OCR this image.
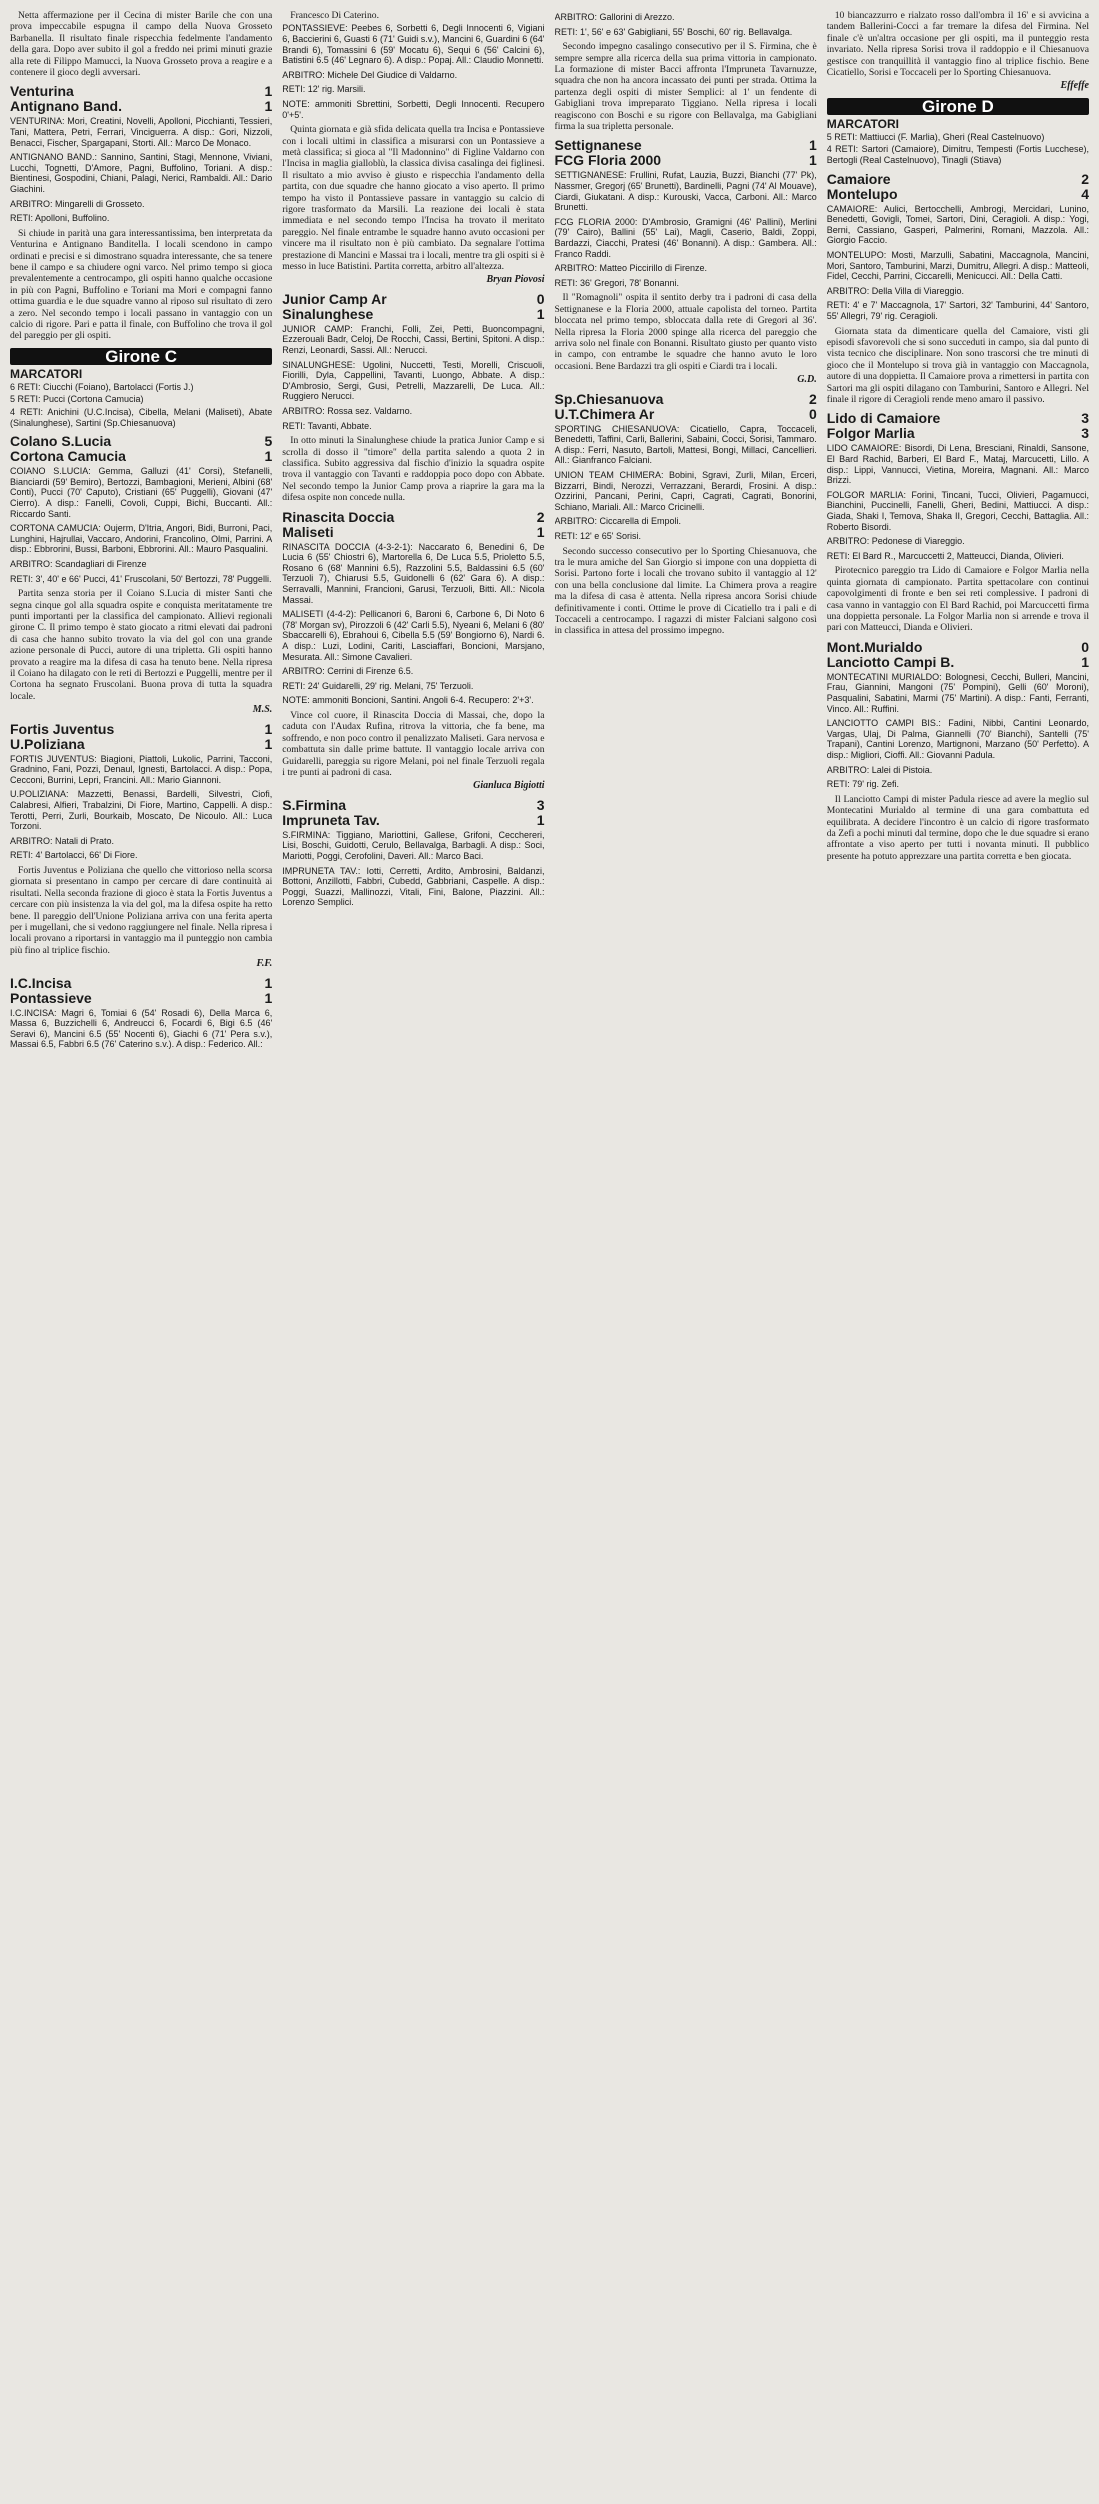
Netta affermazione per il Cecina di mister Barile che con una prova impeccabile espugna il campo della Nuova Grosseto Barbanella. Il risultato finale rispecchia fedelmente l'andamento della gara. Dopo aver subito il gol a freddo nei primi minuti grazie alla rete di Filippo Mamucci, la Nuova Grosseto prova a reagire e a contenere il gioco degli avversari.

Venturina	1
Antignano Band.	1
VENTURINA: Mori, Creatini, Novelli, Apolloni, Picchianti, Tessieri, Tani, Mattera, Petri, Ferrari, Vinciguerra. A disp.: Gori, Nizzoli, Benacci, Fischer, Spargapani, Storti. All.: Marco De Monaco.
ANTIGNANO BAND.: Sannino, Santini, Stagi, Mennone, Viviani, Lucchi, Tognetti, D'Amore, Pagni, Buffolino, Toriani. A disp.: Bientinesi, Gospodini, Chiani, Palagi, Nerici, Rambaldi. All.: Dario Giachini.
ARBITRO: Mingarelli di Grosseto.
RETI: Apolloni, Buffolino.

Si chiude in parità una gara interessantissima, ben interpretata da Venturina e Antignano Banditella. I locali scendono in campo ordinati e precisi e si dimostrano squadra interessante, che sa tenere bene il campo e sa chiudere ogni varco. Nel primo tempo si gioca prevalentemente a centrocampo, gli ospiti hanno qualche occasione in più con Pagni, Buffolino e Toriani ma Mori e compagni fanno ottima guardia e le due squadre vanno al riposo sul risultato di zero a zero. Nel secondo tempo i locali passano in vantaggio con un calcio di rigore. Pari e patta il finale, con Buffolino che trova il gol del pareggio per gli ospiti.

Girone C
MARCATORI
6 RETI: Ciucchi (Foiano), Bartolacci (Fortis J.)
5 RETI: Pucci (Cortona Camucia)
4 RETI: Anichini (U.C.Incisa), Cibella, Melani (Maliseti), Abate (Sinalunghese), Sartini (Sp.Chiesanuova)
Colano S.Lucia	5
Cortona Camucia	1
COIANO S.LUCIA: Gemma, Galluzi (41' Corsi), Stefanelli, Bianciardi (59' Bemiro), Bertozzi, Bambagioni, Merieni, Albini (68' Conti), Pucci (70' Caputo), Cristiani (65' Puggelli), Giovani (47' Cierro). A disp.: Fanelli, Covoli, Cuppi, Bichi, Buccanti. All.: Riccardo Santi.
CORTONA CAMUCIA: Oujerm, D'Itria, Angori, Bidi, Burroni, Paci, Lunghini, Hajrullai, Vaccaro, Andorini, Francolino, Olmi, Parrini. A disp.: Ebbrorini, Bussi, Barboni, Ebbrorini. All.: Mauro Pasqualini.
ARBITRO: Scandagliari di Firenze
RETI: 3', 40' e 66' Pucci, 41' Fruscolani, 50' Bertozzi, 78' Puggelli.

Partita senza storia per il Coiano S.Lucia di mister Santi che segna cinque gol alla squadra ospite e conquista meritatamente tre punti importanti per la classifica del campionato. Allievi regionali girone C. Il primo tempo è stato giocato a ritmi elevati dai padroni di casa che hanno subito trovato la via del gol con una grande azione personale di Pucci, autore di una tripletta. Gli ospiti hanno provato a reagire ma la difesa di casa ha tenuto bene. Nella ripresa il Coiano ha dilagato con le reti di Bertozzi e Puggelli, mentre per il Cortona ha segnato Fruscolani. Buona prova di tutta la squadra locale.

M.S.
Fortis Juventus	1
U.Poliziana	1
FORTIS JUVENTUS: Biagioni, Piattoli, Lukolic, Parrini, Tacconi, Gradnino, Fani, Pozzi, Denaul, Ignesti, Bartolacci. A disp.: Popa, Cecconi, Burrini, Lepri, Francini. All.: Mario Giannoni.
U.POLIZIANA: Mazzetti, Benassi, Bardelli, Silvestri, Ciofi, Calabresi, Alfieri, Trabalzini, Di Fiore, Martino, Cappelli. A disp.: Terotti, Perri, Zurli, Bourkaib, Moscato, De Nicoulo. All.: Luca Torzoni.
ARBITRO: Natali di Prato.
RETI: 4' Bartolacci, 66' Di Fiore.

Fortis Juventus e Poliziana che quello che vittorioso nella scorsa giornata si presentano in campo per cercare di dare continuità ai risultati. Nella seconda frazione di gioco è stata la Fortis Juventus a cercare con più insistenza la via del gol, ma la difesa ospite ha retto bene. Il pareggio dell'Unione Poliziana arriva con una ferita aperta per i mugellani, che si vedono raggiungere nel finale. Nella ripresa i locali provano a riportarsi in vantaggio ma il punteggio non cambia più fino al triplice fischio.

F.F.
I.C.Incisa	1
Pontassieve	1
I.C.INCISA: Magri 6, Tomiai 6 (54' Rosadi 6), Della Marca 6, Massa 6, Buzzichelli 6, Andreucci 6, Focardi 6, Bigi 6.5 (46' Seravi 6), Mancini 6.5 (55' Nocenti 6), Giachi 6 (71' Pera s.v.), Massai 6.5, Fabbri 6.5 (76' Caterino s.v.). A disp.: Federico. All.:

Francesco Di Caterino.

PONTASSIEVE: Peebes 6, Sorbetti 6, Degli Innocenti 6, Vigiani 6, Baccierini 6, Guasti 6 (71' Guidi s.v.), Mancini 6, Guardini 6 (64' Brandi 6), Tomassini 6 (59' Mocatu 6), Sequi 6 (56' Calcini 6), Batistini 6.5 (46' Legnaro 6). A disp.: Popaj. All.: Claudio Monnetti.
ARBITRO: Michele Del Giudice di Valdarno.
RETI: 12' rig. Marsili.
NOTE: ammoniti Sbrettini, Sorbetti, Degli Innocenti. Recupero 0'+5'.

Quinta giornata e già sfida delicata quella tra Incisa e Pontassieve con i locali ultimi in classifica a misurarsi con un Pontassieve a metà classifica; si gioca al "Il Madonnino" di Figline Valdarno con l'Incisa in maglia gialloblù, la classica divisa casalinga dei figlinesi. Il risultato a mio avviso è giusto e rispecchia l'andamento della partita, con due squadre che hanno giocato a viso aperto. Il primo tempo ha visto il Pontassieve passare in vantaggio su calcio di rigore trasformato da Marsili. La reazione dei locali è stata immediata e nel secondo tempo l'Incisa ha trovato il meritato pareggio. Nel finale entrambe le squadre hanno avuto occasioni per vincere ma il risultato non è più cambiato. Da segnalare l'ottima prestazione di Mancini e Massai tra i locali, mentre tra gli ospiti si è messo in luce Batistini. Partita corretta, arbitro all'altezza.

Bryan Piovosi
Junior Camp Ar	0
Sinalunghese	1
JUNIOR CAMP: Franchi, Folli, Zei, Petti, Buoncompagni, Ezzerouali Badr, Celoj, De Rocchi, Cassi, Bertini, Spitoni. A disp.: Renzi, Leonardi, Sassi. All.: Nerucci.
SINALUNGHESE: Ugolini, Nuccetti, Testi, Morelli, Criscuoli, Fiorilli, Dyla, Cappellini, Tavanti, Luongo, Abbate. A disp.: D'Ambrosio, Sergi, Gusi, Petrelli, Mazzarelli, De Luca. All.: Ruggiero Nerucci.
ARBITRO: Rossa sez. Valdarno.
RETI: Tavanti, Abbate.

In otto minuti la Sinalunghese chiude la pratica Junior Camp e si scrolla di dosso il "timore" della partita salendo a quota 2 in classifica. Subito aggressiva dal fischio d'inizio la squadra ospite trova il vantaggio con Tavanti e raddoppia poco dopo con Abbate. Nel secondo tempo la Junior Camp prova a riaprire la gara ma la difesa ospite non concede nulla.

Rinascita Doccia	2
Maliseti	1
RINASCITA DOCCIA (4-3-2-1): Naccarato 6, Benedini 6, De Lucia 6 (55' Chiostri 6), Martorella 6, De Luca 5.5, Prioletto 5.5, Rosano 6 (68' Mannini 6.5), Razzolini 5.5, Baldassini 6.5 (60' Terzuoli 7), Chiarusi 5.5, Guidonelli 6 (62' Gara 6). A disp.: Serravalli, Mannini, Francioni, Garusi, Terzuoli, Bitti. All.: Nicola Massai.
MALISETI (4-4-2): Pellicanori 6, Baroni 6, Carbone 6, Di Noto 6 (78' Morgan sv), Pirozzoli 6 (42' Carli 5.5), Nyeani 6, Melani 6 (80' Sbaccarelli 6), Ebrahoui 6, Cibella 5.5 (59' Bongiorno 6), Nardi 6. A disp.: Luzi, Lodini, Cariti, Lasciaffari, Boncioni, Marsjano, Mesurata. All.: Simone Cavalieri.
ARBITRO: Cerrini di Firenze 6.5.
RETI: 24' Guidarelli, 29' rig. Melani, 75' Terzuoli.
NOTE: ammoniti Boncioni, Santini. Angoli 6-4. Recupero: 2'+3'.

Vince col cuore, il Rinascita Doccia di Massai, che, dopo la caduta con l'Audax Rufina, ritrova la vittoria, che fa bene, ma soffrendo, e non poco contro il penalizzato Maliseti. Gara nervosa e combattuta sin dalle prime battute. Il vantaggio locale arriva con Guidarelli, pareggia su rigore Melani, poi nel finale Terzuoli regala i tre punti ai padroni di casa.

Gianluca Bigiotti
S.Firmina	3
Impruneta Tav.	1
S.FIRMINA: Tiggiano, Mariottini, Gallese, Grifoni, Cecchereri, Lisi, Boschi, Guidotti, Cerulo, Bellavalga, Barbagli. A disp.: Soci, Mariotti, Poggi, Cerofolini, Daveri. All.: Marco Baci.
IMPRUNETA TAV.: Iotti, Cerretti, Ardito, Ambrosini, Baldanzi, Bottoni, Anzillotti, Fabbri, Cubedd, Gabbriani, Caspelle. A disp.: Poggi, Suazzi, Mallinozzi, Vitali, Fini, Balone, Piazzini. All.: Lorenzo Semplici.
ARBITRO: Gallorini di Arezzo.
RETI: 1', 56' e 63' Gabigliani, 55' Boschi, 60' rig. Bellavalga.

Secondo impegno casalingo consecutivo per il S. Firmina, che è sempre sempre alla ricerca della sua prima vittoria in campionato. La formazione di mister Bacci affronta l'Impruneta Tavarnuzze, squadra che non ha ancora incassato dei punti per strada. Ottima la partenza degli ospiti di mister Semplici: al 1' un fendente di Gabigliani trova impreparato Tiggiano. Nella ripresa i locali reagiscono con Boschi e su rigore con Bellavalga, ma Gabigliani firma la sua tripletta personale.

Settignanese	1
FCG Floria 2000	1
SETTIGNANESE: Frullini, Rufat, Lauzia, Buzzi, Bianchi (77' Pk), Nassmer, Gregorj (65' Brunetti), Bardinelli, Pagni (74' Al Mouave), Ciardi, Giukatani. A disp.: Kurouski, Vacca, Carboni. All.: Marco Brunetti.
FCG FLORIA 2000: D'Ambrosio, Gramigni (46' Pallini), Merlini (79' Cairo), Ballini (55' Lai), Magli, Caserio, Baldi, Zoppi, Bardazzi, Ciacchi, Pratesi (46' Bonanni). A disp.: Gambera. All.: Franco Raddi.
ARBITRO: Matteo Piccirillo di Firenze.
RETI: 36' Gregori, 78' Bonanni.

Il "Romagnoli" ospita il sentito derby tra i padroni di casa della Settignanese e la Floria 2000, attuale capolista del torneo. Partita bloccata nel primo tempo, sbloccata dalla rete di Gregori al 36'. Nella ripresa la Floria 2000 spinge alla ricerca del pareggio che arriva solo nel finale con Bonanni. Risultato giusto per quanto visto in campo, con entrambe le squadre che hanno avuto le loro occasioni. Bene Bardazzi tra gli ospiti e Ciardi tra i locali.

G.D.
Sp.Chiesanuova	2
U.T.Chimera Ar	0
SPORTING CHIESANUOVA: Cicatiello, Capra, Toccaceli, Benedetti, Taffini, Carli, Ballerini, Sabaini, Cocci, Sorisi, Tammaro. A disp.: Ferri, Nasuto, Bartoli, Mattesi, Bongi, Millaci, Cancellieri. All.: Gianfranco Falciani.
UNION TEAM CHIMERA: Bobini, Sgravi, Zurli, Milan, Erceri, Bizzarri, Bindi, Nerozzi, Verrazzani, Berardi, Frosini. A disp.: Ozzirini, Pancani, Perini, Capri, Cagrati, Cagrati, Bonorini, Schiano, Mariali. All.: Marco Cricinelli.
ARBITRO: Ciccarella di Empoli.
RETI: 12' e 65' Sorisi.

Secondo successo consecutivo per lo Sporting Chiesanuova, che tra le mura amiche del San Giorgio si impone con una doppietta di Sorisi. Partono forte i locali che trovano subito il vantaggio al 12' con una bella conclusione dal limite. La Chimera prova a reagire ma la difesa di casa è attenta. Nella ripresa ancora Sorisi chiude definitivamente i conti. Ottime le prove di Cicatiello tra i pali e di Toccaceli a centrocampo. I ragazzi di mister Falciani salgono così in classifica in attesa del prossimo impegno.

10 biancazzurro e rialzato rosso dall'ombra il 16' e si avvicina a tandem Ballerini-Cocci a far tremare la difesa del Firmina. Nel finale c'è un'altra occasione per gli ospiti, ma il punteggio resta invariato. Nella ripresa Sorisi trova il raddoppio e il Chiesanuova gestisce con tranquillità il vantaggio fino al triplice fischio. Bene Cicatiello, Sorisi e Toccaceli per lo Sporting Chiesanuova.

Effeffe
Girone D
MARCATORI
5 RETI: Mattiucci (F. Marlia), Gheri (Real Castelnuovo)
4 RETI: Sartori (Camaiore), Dimitru, Tempesti (Fortis Lucchese), Bertogli (Real Castelnuovo), Tinagli (Stiava)
Camaiore	2
Montelupo	4
CAMAIORE: Aulici, Bertocchelli, Ambrogi, Mercidari, Lunino, Benedetti, Govigli, Tomei, Sartori, Dini, Ceragioli. A disp.: Yogi, Berni, Cassiano, Gasperi, Palmerini, Romani, Mazzola. All.: Giorgio Faccio.
MONTELUPO: Mosti, Marzulli, Sabatini, Maccagnola, Mancini, Mori, Santoro, Tamburini, Marzi, Dumitru, Allegri. A disp.: Matteoli, Fidel, Cecchi, Parrini, Ciccarelli, Menicucci. All.: Della Catti.
ARBITRO: Della Villa di Viareggio.
RETI: 4' e 7' Maccagnola, 17' Sartori, 32' Tamburini, 44' Santoro, 55' Allegri, 79' rig. Ceragioli.

Giornata stata da dimenticare quella del Camaiore, visti gli episodi sfavorevoli che si sono succeduti in campo, sia dal punto di vista tecnico che disciplinare. Non sono trascorsi che tre minuti di gioco che il Montelupo si trova già in vantaggio con Maccagnola, autore di una doppietta. Il Camaiore prova a rimettersi in partita con Sartori ma gli ospiti dilagano con Tamburini, Santoro e Allegri. Nel finale il rigore di Ceragioli rende meno amaro il passivo.

Lido di Camaiore	3
Folgor Marlia	3
LIDO CAMAIORE: Bisordi, Di Lena, Bresciani, Rinaldi, Sansone, El Bard Rachid, Barberi, El Bard F., Mataj, Marcucetti, Lillo. A disp.: Lippi, Vannucci, Vietina, Moreira, Magnani. All.: Marco Brizzi.
FOLGOR MARLIA: Forini, Tincani, Tucci, Olivieri, Pagamucci, Bianchini, Puccinelli, Fanelli, Gheri, Bedini, Mattiucci. A disp.: Giada, Shaki I, Temova, Shaka II, Gregori, Cecchi, Battaglia. All.: Roberto Bisordi.
ARBITRO: Pedonese di Viareggio.
RETI: El Bard R., Marcuccetti 2, Matteucci, Dianda, Olivieri.

Pirotecnico pareggio tra Lido di Camaiore e Folgor Marlia nella quinta giornata di campionato. Partita spettacolare con continui capovolgimenti di fronte e ben sei reti complessive. I padroni di casa vanno in vantaggio con El Bard Rachid, poi Marcuccetti firma una doppietta personale. La Folgor Marlia non si arrende e trova il pari con Matteucci, Dianda e Olivieri.

Mont.Murialdo	0
Lanciotto Campi B.	1
MONTECATINI MURIALDO: Bolognesi, Cecchi, Bulleri, Mancini, Frau, Giannini, Mangoni (75' Pompini), Gelli (60' Moroni), Pasqualini, Sabatini, Marmi (75' Martini). A disp.: Fanti, Ferranti, Vinco. All.: Ruffini.
LANCIOTTO CAMPI BIS.: Fadini, Nibbi, Cantini Leonardo, Vargas, Ulaj, Di Palma, Giannelli (70' Bianchi), Santelli (75' Trapani), Cantini Lorenzo, Martignoni, Marzano (50' Perfetto). A disp.: Migliori, Cioffi. All.: Giovanni Padula.
ARBITRO: Lalei di Pistoia.
RETI: 79' rig. Zefi.

Il Lanciotto Campi di mister Padula riesce ad avere la meglio sul Montecatini Murialdo al termine di una gara combattuta ed equilibrata. A decidere l'incontro è un calcio di rigore trasformato da Zefi a pochi minuti dal termine, dopo che le due squadre si erano affrontate a viso aperto per tutti i novanta minuti. Il pubblico presente ha potuto apprezzare una partita corretta e ben giocata.
